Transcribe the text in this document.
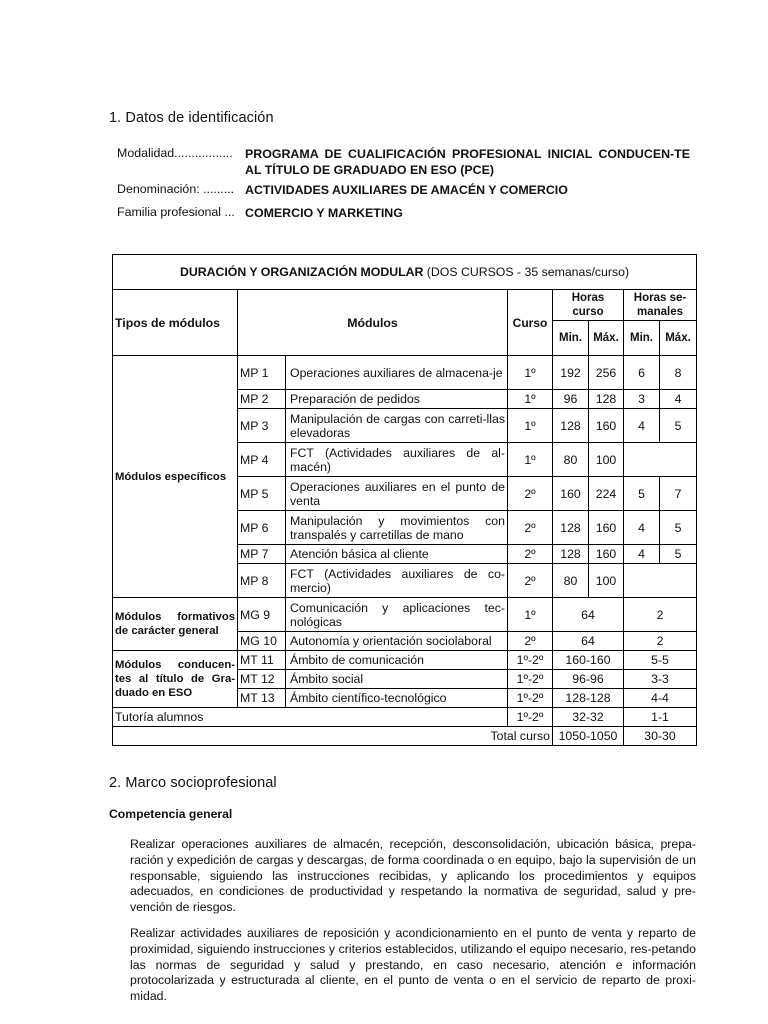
1. Datos de identificación
Modalidad................. PROGRAMA DE CUALIFICACIÓN PROFESIONAL INICIAL CONDUCEN-TE AL TÍTULO DE GRADUADO EN ESO (PCE)
Denominación: ......... ACTIVIDADES AUXILIARES DE AMACÉN Y COMERCIO
Familia profesional ... COMERCIO Y MARKETING
DURACIÓN Y ORGANIZACIÓN MODULAR (DOS CURSOS - 35 semanas/curso)							
Tipos de módulos	Módulos		Curso	Horas curso		Horas se-manales	
				Min.	Máx.	Min.	Máx.
Módulos específicos	MP 1	Operaciones auxiliares de almacena-je	1º	192	256	6	8
	MP 2	Preparación de pedidos	1º	96	128	3	4
	MP 3	Manipulación de cargas con carreti-llas elevadoras	1º	128	160	4	5
	MP 4	FCT (Actividades auxiliares de al-macén)	1º	80	100		
	MP 5	Operaciones auxiliares en el punto de venta	2º	160	224	5	7
	MP 6	Manipulación y movimientos con transpalés y carretillas de mano	2º	128	160	4	5
	MP 7	Atención básica al cliente	2º	128	160	4	5
	MP 8	FCT (Actividades auxiliares de co-mercio)	2º	80	100		
Módulos formativos de carácter general	MG 9	Comunicación y aplicaciones tec-nológicas	1º	64		2	
	MG 10	Autonomía y orientación sociolaboral	2º	64		2	
Módulos conducen-tes al título de Gra-duado en ESO	MT 11	Ámbito de comunicación	1º-2º	160-160		5-5	
	MT 12	Ámbito social	1º-2º	96-96		3-3	
	MT 13	Ámbito científico-tecnológico	1º-2º	128-128		4-4	
Tutoría alumnos			1º-2º	32-32		1-1	
Total curso				1050-1050		30-30	
2. Marco socioprofesional
Competencia general

Realizar operaciones auxiliares de almacén, recepción, desconsolidación, ubicación básica, prepa-ración y expedición de cargas y descargas, de forma coordinada o en equipo, bajo la supervisión de un responsable, siguiendo las instrucciones recibidas, y aplicando los procedimientos y equipos adecuados, en condiciones de productividad y respetando la normativa de seguridad, salud y pre-vención de riesgos.

Realizar actividades auxiliares de reposición y acondicionamiento en el punto de venta y reparto de proximidad, siguiendo instrucciones y criterios establecidos, utilizando el equipo necesario, res-petando las normas de seguridad y salud y prestando, en caso necesario, atención e información protocolarizada y estructurada al cliente, en el punto de venta o en el servicio de reparto de proxi-midad.
